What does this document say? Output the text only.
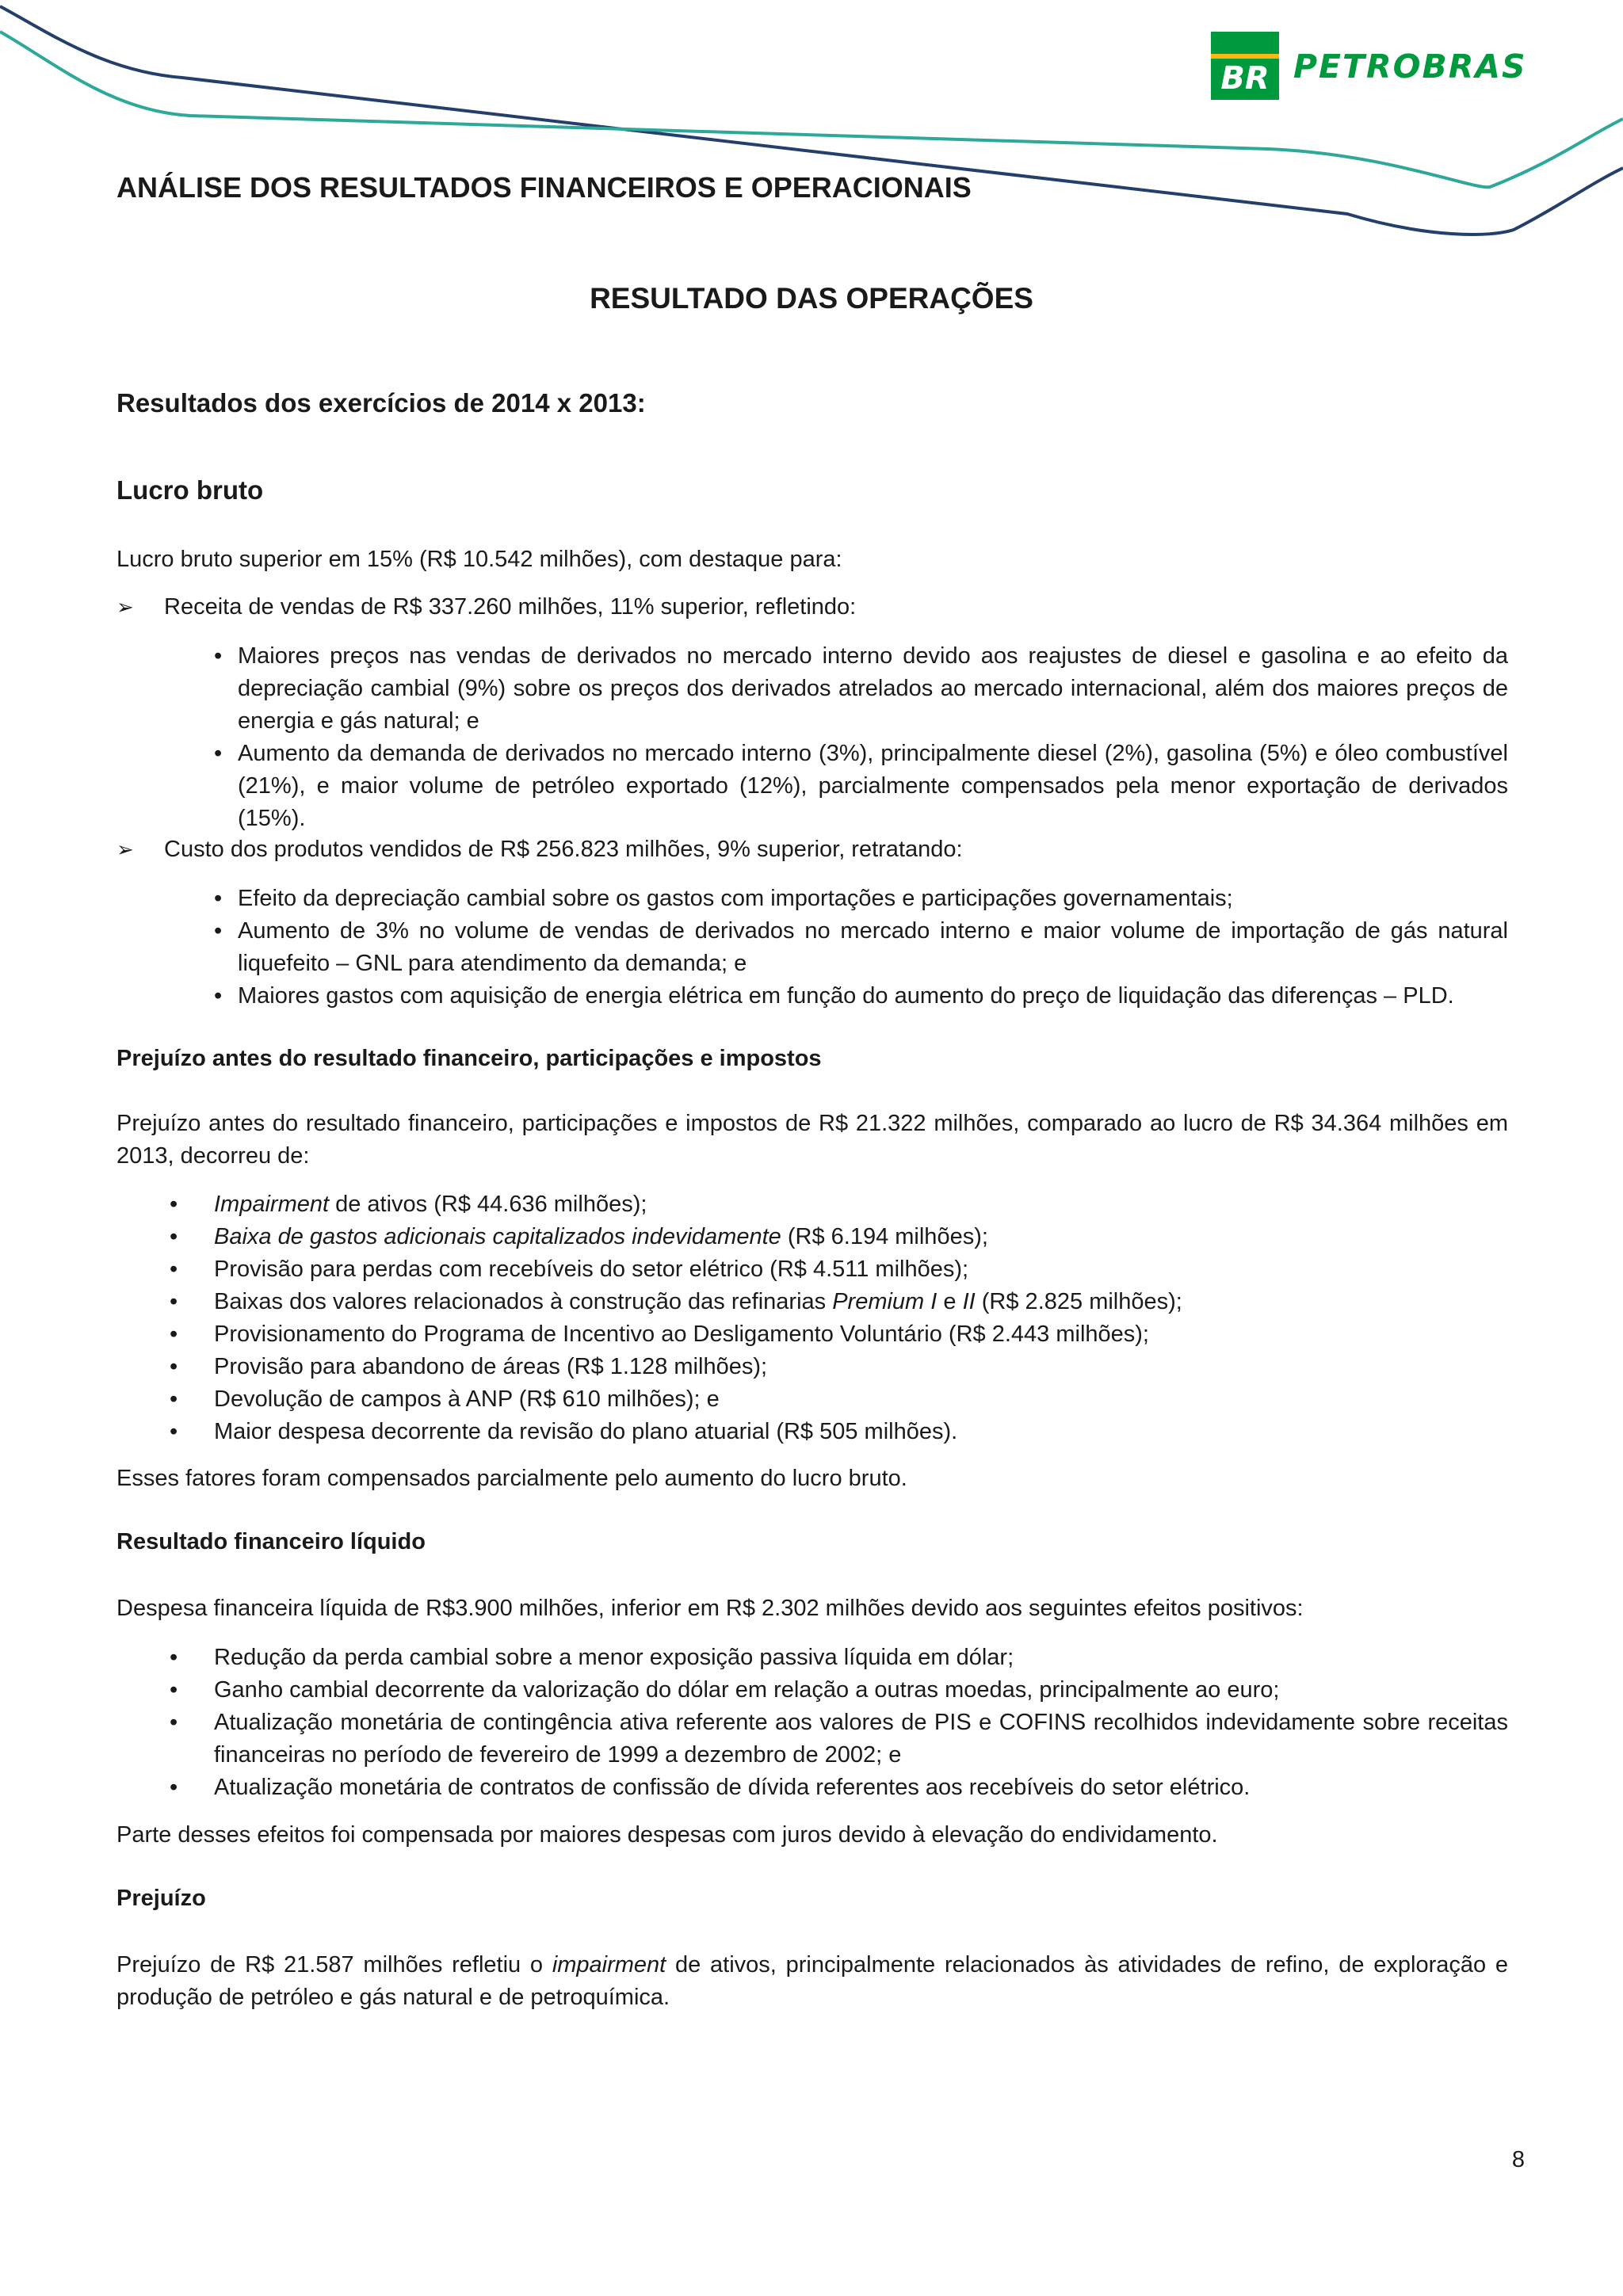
BR PETROBRAS
ANÁLISE DOS RESULTADOS FINANCEIROS E OPERACIONAIS
RESULTADO DAS OPERAÇÕES
Resultados dos exercícios de 2014 x 2013:
Lucro bruto

Lucro bruto superior em 15% (R$ 10.542 milhões), com destaque para:

➢ Receita de vendas de R$ 337.260 milhões, 11% superior, refletindo:
• Maiores preços nas vendas de derivados no mercado interno devido aos reajustes de diesel e gasolina e ao efeito da depreciação cambial (9%) sobre os preços dos derivados atrelados ao mercado internacional, além dos maiores preços de energia e gás natural; e
• Aumento da demanda de derivados no mercado interno (3%), principalmente diesel (2%), gasolina (5%) e óleo combustível (21%), e maior volume de petróleo exportado (12%), parcialmente compensados pela menor exportação de derivados (15%).
➢ Custo dos produtos vendidos de R$ 256.823 milhões, 9% superior, retratando:
• Efeito da depreciação cambial sobre os gastos com importações e participações governamentais;
• Aumento de 3% no volume de vendas de derivados no mercado interno e maior volume de importação de gás natural liquefeito – GNL para atendimento da demanda; e
• Maiores gastos com aquisição de energia elétrica em função do aumento do preço de liquidação das diferenças – PLD.
Prejuízo antes do resultado financeiro, participações e impostos

Prejuízo antes do resultado financeiro, participações e impostos de R$ 21.322 milhões, comparado ao lucro de R$ 34.364 milhões em 2013, decorreu de:

• Impairment de ativos (R$ 44.636 milhões);
• Baixa de gastos adicionais capitalizados indevidamente (R$ 6.194 milhões);
• Provisão para perdas com recebíveis do setor elétrico (R$ 4.511 milhões);
• Baixas dos valores relacionados à construção das refinarias Premium I e II (R$ 2.825 milhões);
• Provisionamento do Programa de Incentivo ao Desligamento Voluntário (R$ 2.443 milhões);
• Provisão para abandono de áreas (R$ 1.128 milhões);
• Devolução de campos à ANP (R$ 610 milhões); e
• Maior despesa decorrente da revisão do plano atuarial (R$ 505 milhões).

Esses fatores foram compensados parcialmente pelo aumento do lucro bruto.

Resultado financeiro líquido

Despesa financeira líquida de R$3.900 milhões, inferior em R$ 2.302 milhões devido aos seguintes efeitos positivos:

• Redução da perda cambial sobre a menor exposição passiva líquida em dólar;
• Ganho cambial decorrente da valorização do dólar em relação a outras moedas, principalmente ao euro;
• Atualização monetária de contingência ativa referente aos valores de PIS e COFINS recolhidos indevidamente sobre receitas financeiras no período de fevereiro de 1999 a dezembro de 2002; e
• Atualização monetária de contratos de confissão de dívida referentes aos recebíveis do setor elétrico.

Parte desses efeitos foi compensada por maiores despesas com juros devido à elevação do endividamento.

Prejuízo

Prejuízo de R$ 21.587 milhões refletiu o impairment de ativos, principalmente relacionados às atividades de refino, de exploração e produção de petróleo e gás natural e de petroquímica.

8
